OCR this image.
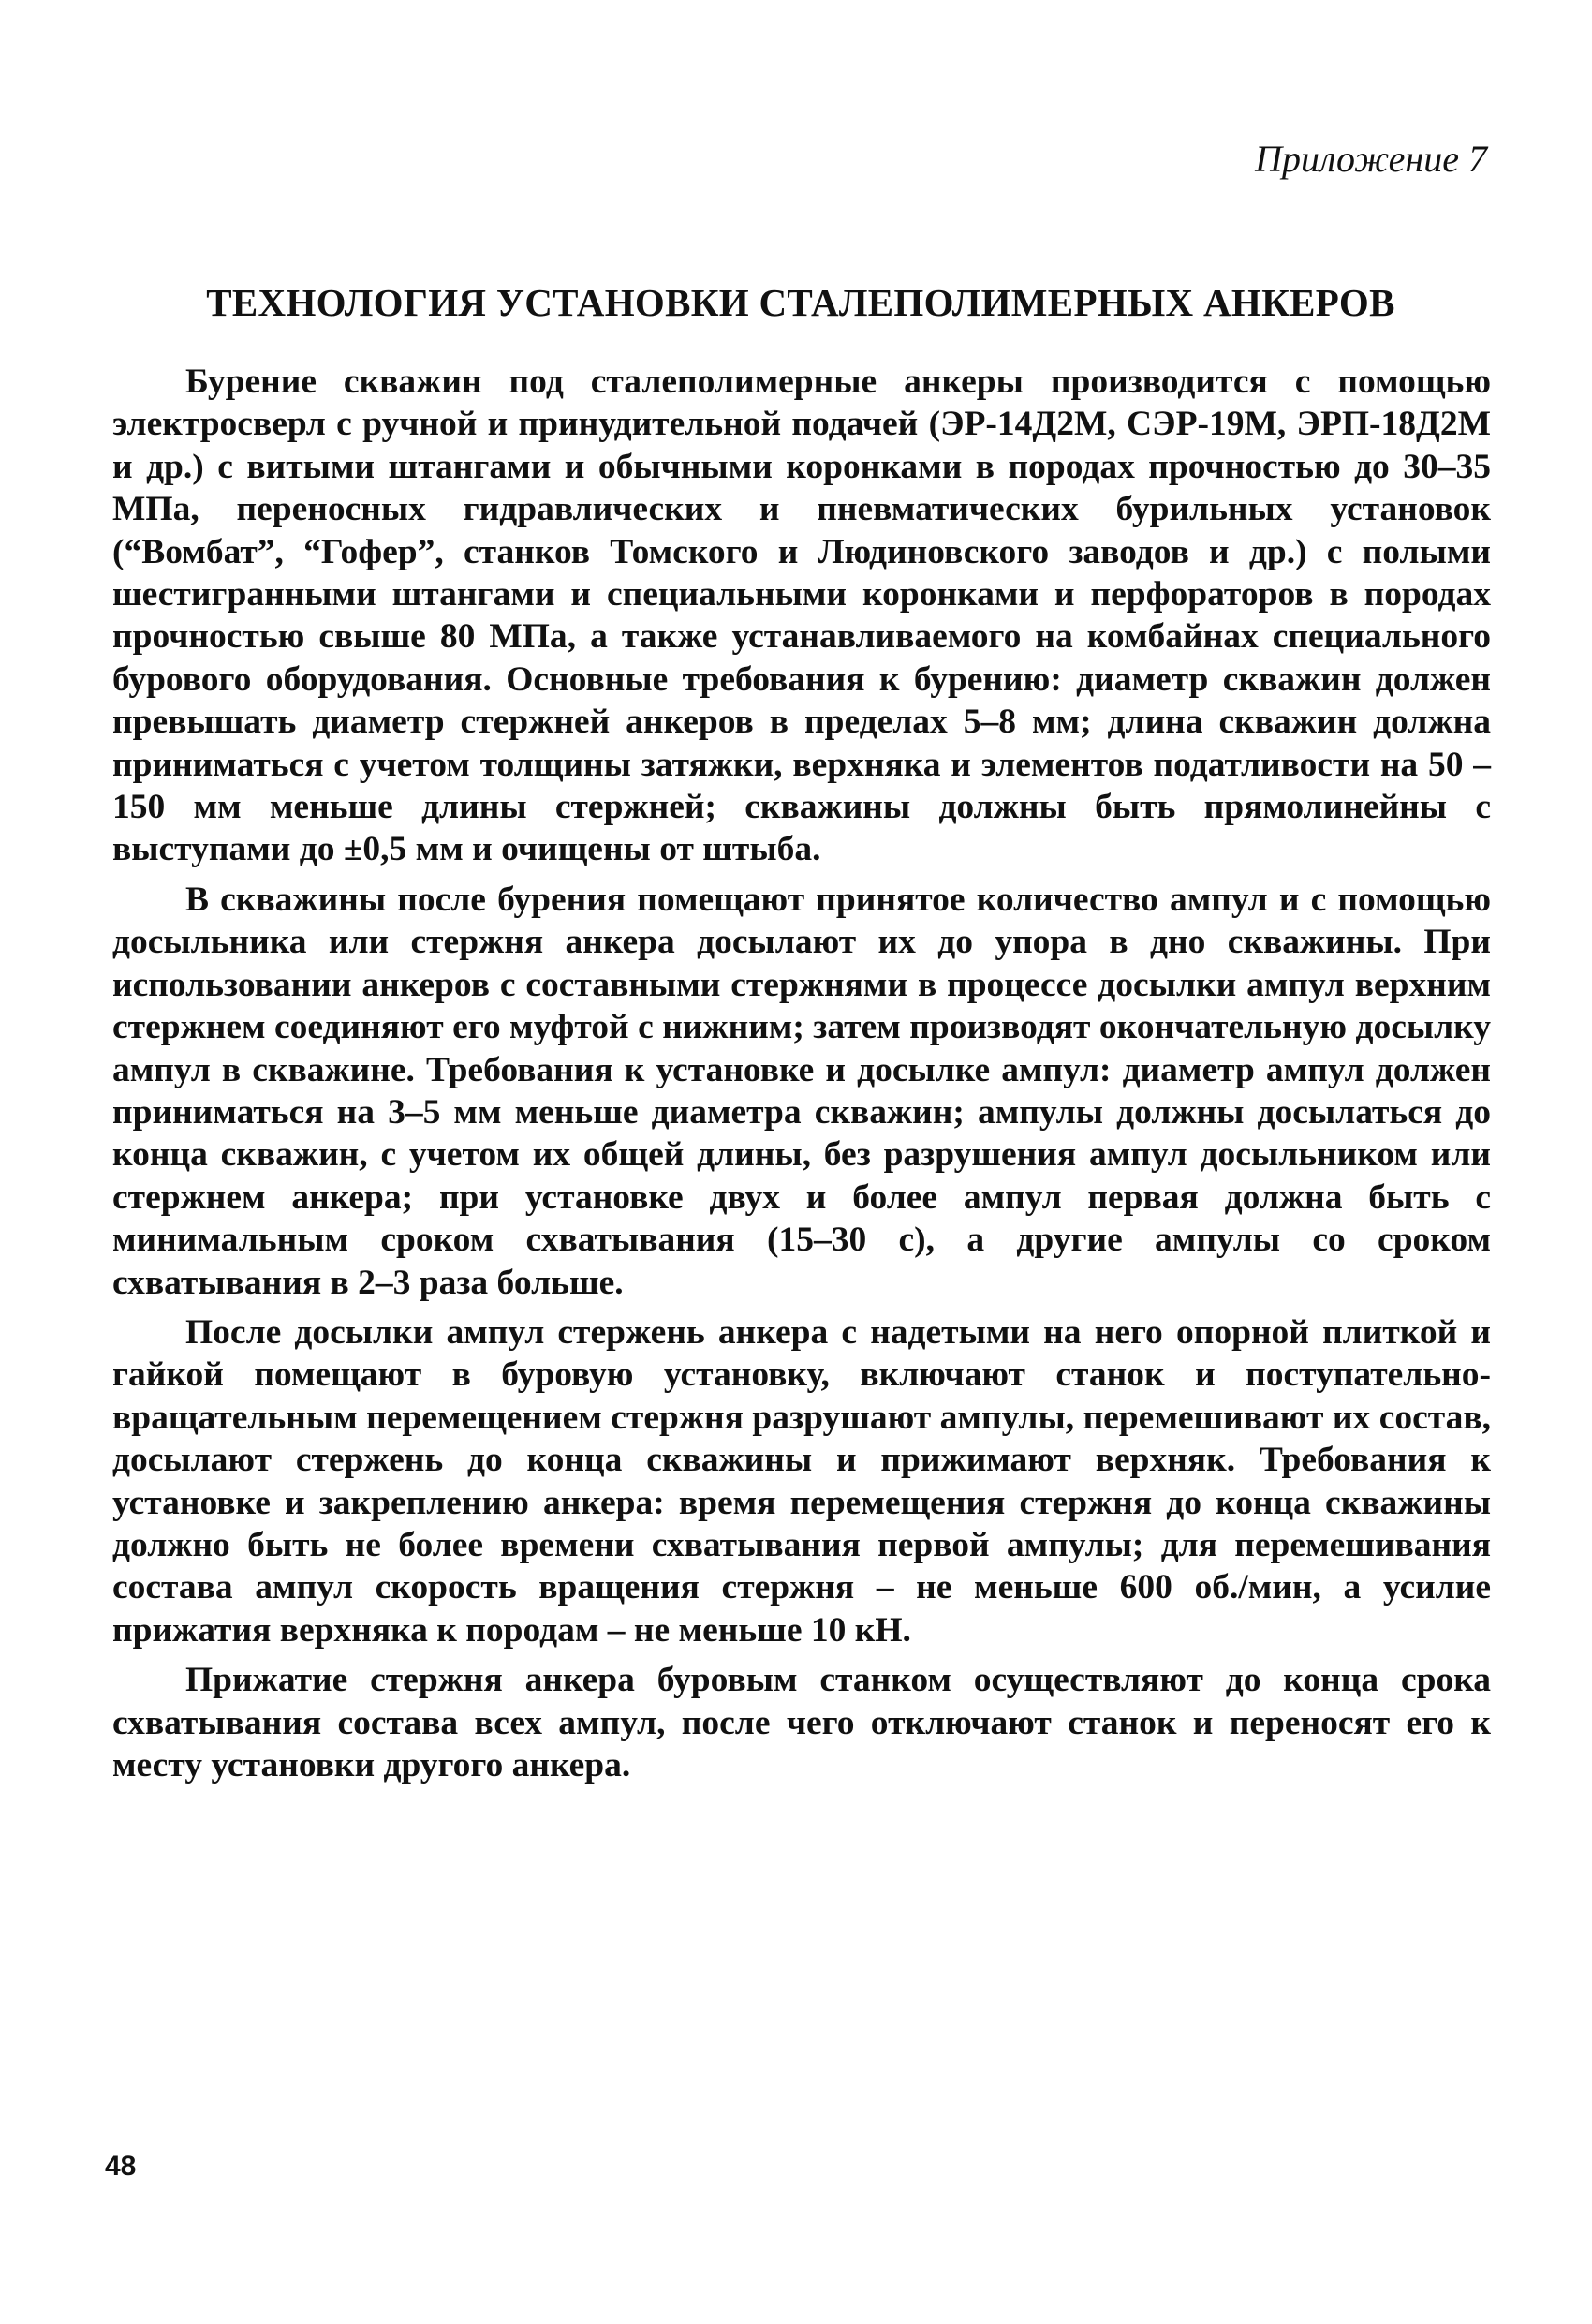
Приложение 7
ТЕХНОЛОГИЯ УСТАНОВКИ СТАЛЕПОЛИМЕРНЫХ АНКЕРОВ

Бурение скважин под сталеполимерные анкеры производится с помощью электросверл с ручной и принудительной подачей (ЭР-14Д2М, СЭР-19М, ЭРП-18Д2М и др.) с витыми штангами и обычными коронками в породах прочностью до 30–35 МПа, переносных гидравлических и пневматических бурильных установок (“Вомбат”, “Гофер”, станков Томского и Людиновского заводов и др.) с полыми шестигранными штангами и специальными коронками и перфораторов в породах прочностью свыше 80 МПа, а также устанавливаемого на комбайнах специального бурового оборудования. Основные требования к бурению: диаметр скважин должен превышать диаметр стержней анкеров в пределах 5–8 мм; длина скважин должна приниматься с учетом толщины затяжки, верхняка и элементов податливости на 50 –150 мм меньше длины стержней; скважины должны быть прямолинейны с выступами до ±0,5 мм и очищены от штыба.

В скважины после бурения помещают принятое количество ампул и с помощью досыльника или стержня анкера досылают их до упора в дно скважины. При использовании анкеров с составными стержнями в процессе досылки ампул верхним стержнем соединяют его муфтой с нижним; затем производят окончательную досылку ампул в скважине. Требования к установке и досылке ампул: диаметр ампул должен приниматься на 3–5 мм меньше диаметра скважин; ампулы должны досылаться до конца скважин, с учетом их общей длины, без разрушения ампул досыльником или стержнем анкера; при установке двух и более ампул первая должна быть с минимальным сроком схватывания (15–30 с), а другие ампулы со сроком схватывания в 2–3 раза больше.

После досылки ампул стержень анкера с надетыми на него опорной плиткой и гайкой помещают в буровую установку, включают станок и поступательно-вращательным перемещением стержня разрушают ампулы, перемешивают их состав, досылают стержень до конца скважины и прижимают верхняк. Требования к установке и закреплению анкера: время перемещения стержня до конца скважины должно быть не более времени схватывания первой ампулы; для перемешивания состава ампул скорость вращения стержня – не меньше 600 об./мин, а усилие прижатия верхняка к породам – не меньше 10 кН.

Прижатие стержня анкера буровым станком осуществляют до конца срока схватывания состава всех ампул, после чего отключают станок и переносят его к месту установки другого анкера.

48
